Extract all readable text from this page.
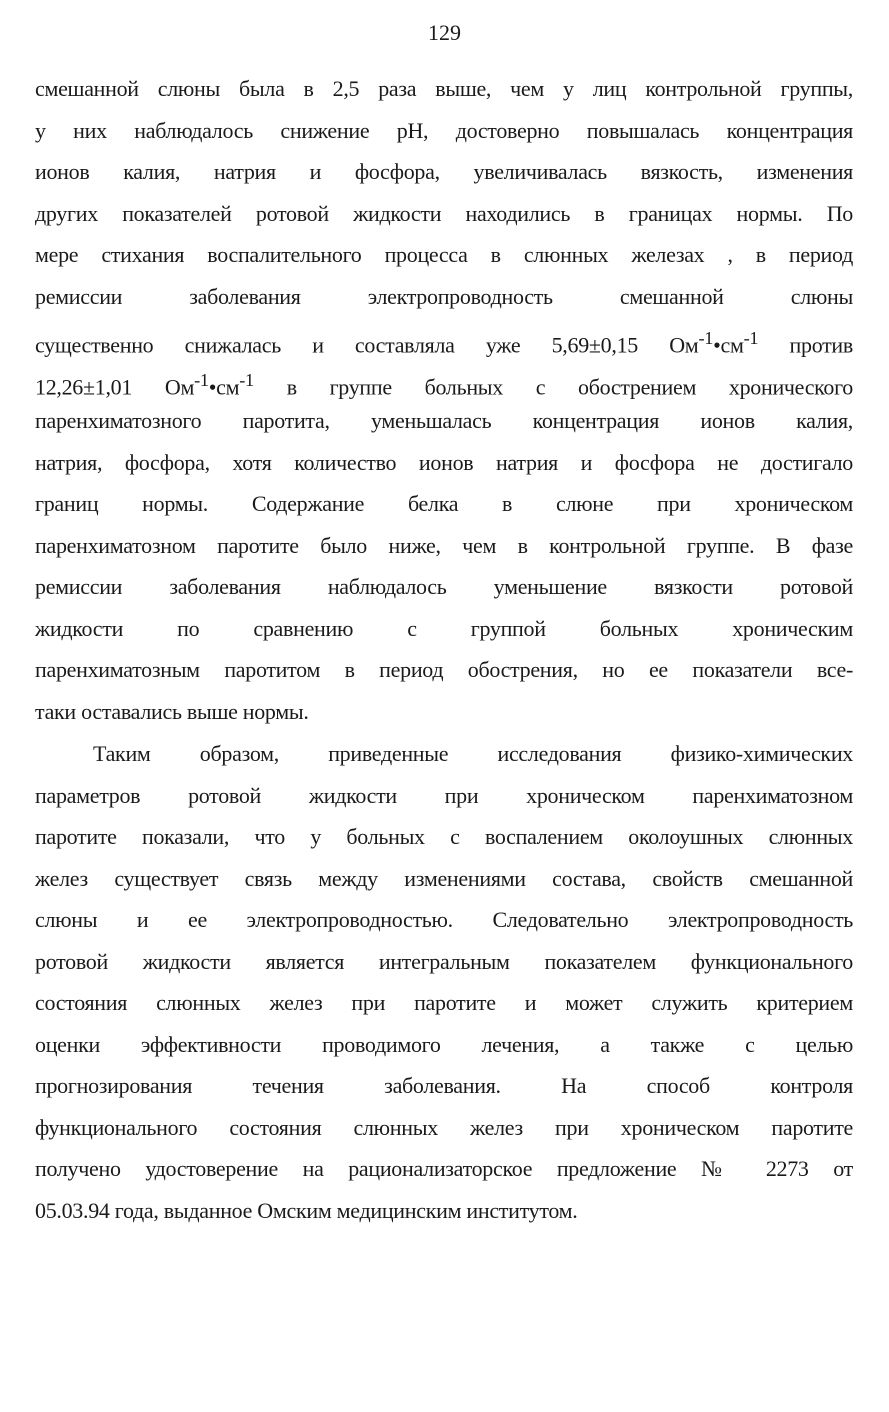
129
смешанной слюны была в 2,5 раза выше, чем у лиц контрольной группы,
у них наблюдалось снижение pH, достоверно повышалась концентрация
ионов калия, натрия и фосфора, увеличивалась вязкость, изменения
других показателей ротовой жидкости находились в границах нормы. По
мере стихания воспалительного процесса в слюнных железах , в период
ремиссии заболевания электропроводность смешанной слюны
существенно снижалась и составляла уже 5,69±0,15 $Ом^{-1}•см^{-1}$ против
12,26±1,01 $Ом^{-1}•см^{-1}$ в группе больных с обострением хронического
паренхиматозного паротита, уменьшалась концентрация ионов калия,
натрия, фосфора, хотя количество ионов натрия и фосфора не достигало
границ нормы. Содержание белка в слюне при хроническом
паренхиматозном паротите было ниже, чем в контрольной группе. В фазе
ремиссии заболевания наблюдалось уменьшение вязкости ротовой
жидкости по сравнению с группой больных хроническим
паренхиматозным паротитом в период обострения, но ее показатели все-
таки оставались выше нормы.
Таким образом, приведенные исследования физико-химических
параметров ротовой жидкости при хроническом паренхиматозном
паротите показали, что у больных с воспалением околоушных слюнных
желез существует связь между изменениями состава, свойств смешанной
слюны и ее электропроводностью. Следовательно электропроводность
ротовой жидкости является интегральным показателем функционального
состояния слюнных желез при паротите и может служить критерием
оценки эффективности проводимого лечения, а также с целью
прогнозирования течения заболевания. На способ контроля
функционального состояния слюнных желез при хроническом паротите
получено удостоверение на рационализаторское предложение № 2273 от
05.03.94 года, выданное Омским медицинским институтом.
